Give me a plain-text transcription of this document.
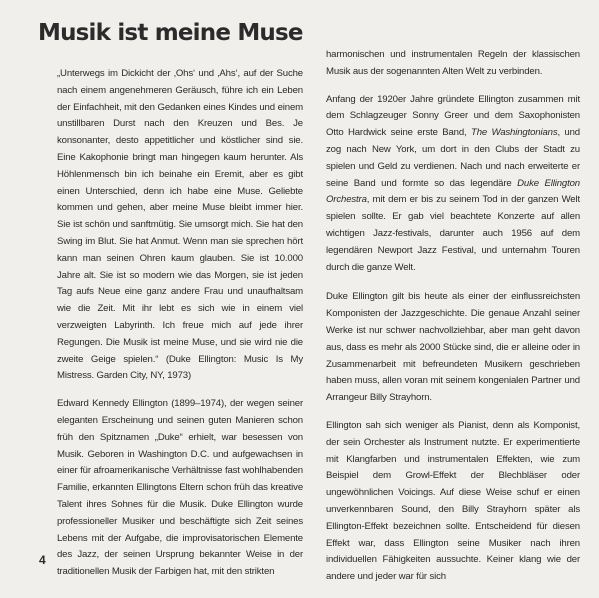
Musik ist meine Muse

„Unterwegs im Dickicht der ‚Ohs‘ und ‚Ahs‘, auf der Suche nach einem angenehmeren Geräusch, führe ich ein Leben der Einfachheit, mit den Gedanken eines Kindes und einem unstillbaren Durst nach den Kreuzen und Bes. Je konsonanter, desto appetitlicher und köstlicher sind sie. Eine Kakophonie bringt man hingegen kaum herunter. Als Höhlenmensch bin ich beinahe ein Eremit, aber es gibt einen Unterschied, denn ich habe eine Muse. Geliebte kommen und gehen, aber meine Muse bleibt immer hier. Sie ist schön und sanftmütig. Sie umsorgt mich. Sie hat den Swing im Blut. Sie hat Anmut. Wenn man sie sprechen hört kann man seinen Ohren kaum glauben. Sie ist 10.000 Jahre alt. Sie ist so modern wie das Morgen, sie ist jeden Tag aufs Neue eine ganz andere Frau und unaufhaltsam wie die Zeit. Mit ihr lebt es sich wie in einem viel verzweigten Labyrinth. Ich freue mich auf jede ihrer Regungen. Die Musik ist meine Muse, und sie wird nie die zweite Geige spielen.“ (Duke Ellington: Music Is My Mistress. Garden City, NY, 1973)

Edward Kennedy Ellington (1899–1974), der wegen seiner eleganten Erscheinung und seinen guten Manieren schon früh den Spitznamen „Duke“ erhielt, war besessen von Musik. Geboren in Washington D.C. und aufgewachsen in einer für afroamerikanische Verhältnisse fast wohlhabenden Familie, erkannten Ellingtons Eltern schon früh das kreative Talent ihres Sohnes für die Musik. Duke Ellington wurde professioneller Musiker und beschäftigte sich Zeit seines Lebens mit der Aufgabe, die improvisatorischen Elemente des Jazz, der seinen Ursprung bekannter Weise in der traditionellen Musik der Farbigen hat, mit den strikten

harmonischen und instrumentalen Regeln der klassischen Musik aus der sogenannten Alten Welt zu verbinden.

Anfang der 1920er Jahre gründete Ellington zusammen mit dem Schlagzeuger Sonny Greer und dem Saxophonisten Otto Hardwick seine erste Band, The Washingtonians, und zog nach New York, um dort in den Clubs der Stadt zu spielen und Geld zu verdienen. Nach und nach erweiterte er seine Band und formte so das legendäre Duke Ellington Orchestra, mit dem er bis zu seinem Tod in der ganzen Welt spielen sollte. Er gab viel beachtete Konzerte auf allen wichtigen Jazz-festivals, darunter auch 1956 auf dem legendären Newport Jazz Festival, und unternahm Touren durch die ganze Welt.

Duke Ellington gilt bis heute als einer der einflussreichsten Komponisten der Jazzgeschichte. Die genaue Anzahl seiner Werke ist nur schwer nachvollziehbar, aber man geht davon aus, dass es mehr als 2000 Stücke sind, die er alleine oder in Zusammenarbeit mit befreundeten Musikern geschrieben haben muss, allen voran mit seinem kongenialen Partner und Arrangeur Billy Strayhorn.

Ellington sah sich weniger als Pianist, denn als Komponist, der sein Orchester als Instrument nutzte. Er experimentierte mit Klangfarben und instrumentalen Effekten, wie zum Beispiel dem Growl-Effekt der Blechbläser oder ungewöhnlichen Voicings. Auf diese Weise schuf er einen unverkennbaren Sound, den Billy Strayhorn später als Ellington-Effekt bezeichnen sollte. Entscheidend für diesen Effekt war, dass Ellington seine Musiker nach ihren individuellen Fähigkeiten aussuchte. Keiner klang wie der andere und jeder war für sich

4
